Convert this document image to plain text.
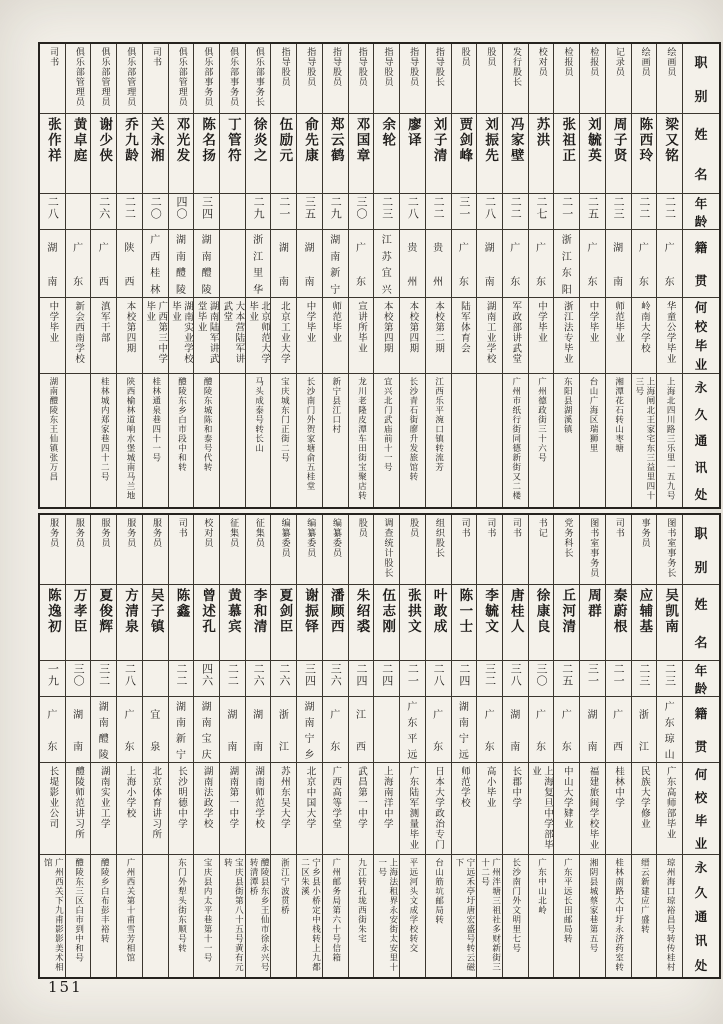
司书
张作祥
二八
湖
南
中学毕业
湖南醴陵东王仙镇张万昌
俱乐部管理员
黄卓庭
广
东
新会西南学校
俱乐部管理员
谢少侠
二六
广
西
滇军干部
桂林城内郑家巷四十二号
俱乐部管理员
乔九龄
二二
陕
西
本校第四期
陕西榆林道响水堡城南马兰地
司书
关永湘
二〇
广
西
桂
林
广西第三中学毕业
桂林通泉巷四十一号
俱乐部管理员
邓光发
四〇
湖
南
醴
陵
湖南实业学校毕业
醴陵东乡白市段中和转
俱乐部事务员
陈名扬
三四
湖
南
醴
陵
湖南陆军讲武堂毕业
醴陵东城陈和泰号代转
俱乐部事务员
丁管符
大本营陆军讲武堂
俱乐部事务长
徐炎之
二九
浙
江
里
华
北京师范大学毕业
马头成泰号转长山
指导股员
伍励元
二一
湖
南
北京工业大学
宝庆城东门正街二号
指导股员
俞先康
三五
湖
南
中学毕业
长沙南门外贺家塘俞五桂堂
指导股员
郑云鹤
二九
湖
南
新
宁
师范毕业
新宁县江口村
指导股员
邓国章
三〇
广
东
宣讲所毕业
龙川老隆皮潭车田街宝聚店转
指导股员
余轮
二三
江
苏
宜
兴
本校第四期
宜兴北门武庙前十一号
指导股员
廖译
二八
贵
州
本校第四期
长沙青石街廖升发旅馆转
指导股长
刘子清
二二
贵
州
本校第二期
江西乐平涴口镇转流芳
股员
贾剑峰
三一
广
东
陆军体育会
股员
刘振先
二八
湖
南
湖南工业学校
发行股长
冯家壁
二二
广
东
军政部讲武堂
广州市纸行街同德新街又二楼
校对员
苏洪
二七
广
东
中学毕业
广州德政街三十六号
检报员
张祖正
二一
浙
江
东
阳
浙江法专毕业
东阳县湖溪镇
检报员
刘毓英
二五
广
东
中学毕业
台山广海区瑞狮里
记录员
周子贤
二三
湖
南
师范毕业
湘潭花石转山枣塘
绘画员
陈西玲
二二
广
东
岭南大学校
上海闸北王家宅东三益里四十三号
绘画员
梁又铭
二二
广
东
华童公学毕业
上海北四川路三乐里一五九号
职
别
姓
名
年
龄
籍
贯
何
校
毕
业
永
久
通
讯
处
服务员
陈逸初
一九
广
东
长堤影业公司
广州西关下九甫影影美术相馆
服务员
万孝臣
三〇
湖
南
醴陵师范讲习所
醴陵东三区白市到中和号
服务员
夏俊辉
三二
湖
南
醴
陵
湖南实业工学
醴陵乡白布彭丰裕转
服务员
方清泉
二八
广
东
上海小学校
广州西关第十甫雪芳相馆
服务员
吴子镇
宜
泉
北京体育讲习所
司书
陈鑫
二二
湖
南
新
宁
长沙明德中学
东门外犁头街东顺号转
校对员
曾述孔
四六
湖
南
宝
庆
湖南法政学校
宝庆县内太平巷第十一号
征集员
黄慕宾
二二
湖
南
湖南第一中学
宝庆县街第八十五号黄有元转
征集员
李和清
二六
湖
南
湖南师范学校
醴陵县东乡王仙市徐永兴号转清潭桥
编纂委员
夏剑臣
二六
浙
江
苏州东吴大学
浙江宁波贯桥
编纂委员
谢振铎
三四
湖
南
宁
乡
北京中国大学
宁乡县小桥定中栈转上九都二区朱溪
编纂委员
潘顾西
三六
广
东
广西高等学堂
广州邮务局第六十号信箱
股员
朱绍裘
二四
江
西
武昌第一中学
九江转孔垅西街朱宅
调查统计股长
伍志刚
二四
上海南洋中学
上海法租界永安街太安里十一号
股员
张拱文
二一
广
东
平
远
广东陆军测量毕业
平远河头文成学校转交
组织股长
叶敢成
二八
广
东
日本大学政治专门
台山筋坑邮局转
司书
陈一士
二四
湖
南
宁
远
师范学校
宁远禾亭圩唐宏盛号转云磁下
司书
李毓文
三二
广
东
高小毕业
广州泮塘三祖社多财新街三十二号
司书
唐桂人
三八
湖
南
长郡中学
长沙南门外文明里七号
书记
徐康良
三〇
广
东
上海复旦中学部毕业
广东中山北岭
党务科长
丘河清
二五
广
东
中山大学肄业
广东平远长田邮局转
图书室事务员
周群
三一
湖
南
福建旅闽学校毕业
湘阴县城蔡家巷第五号
司书
秦蔚根
二一
广
西
桂林中学
桂林南路大中圩永济药室转
事务员
应辅基
二三
浙
江
民族大学修业
缙云新建应广盛转
图书室事务长
吴凯南
二三
广
东
琼
山
广东高师部毕业
琼州海口琼裕昌号转传桂村
职
别
姓
名
年
龄
籍
贯
何
校
毕
业
永
久
通
讯
处
151
